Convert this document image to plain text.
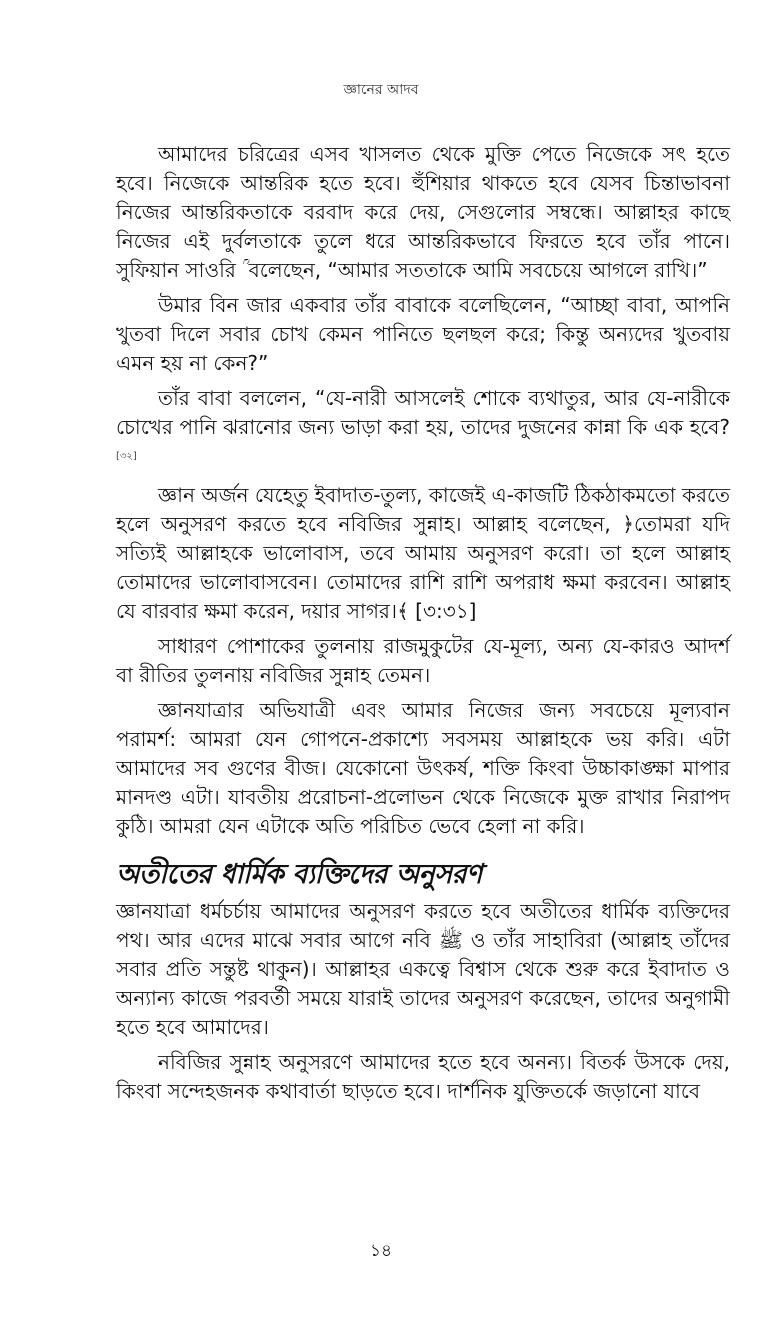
জ্ঞানের আদব

আমাদের চরিত্রের এসব খাসলত থেকে মুক্তি পেতে নিজেকে সৎ হতে হবে। নিজেকে আন্তরিক হতে হবে। হুঁশিয়ার থাকতে হবে যেসব চিন্তাভাবনা নিজের আন্তরিকতাকে বরবাদ করে দেয়, সেগুলোর সম্বন্ধে। আল্লাহর কাছে নিজের এই দুর্বলতাকে তুলে ধরে আন্তরিকভাবে ফিরতে হবে তাঁর পানে। সুফিয়ান সাওরি ؒ বলেছেন, “আমার সততাকে আমি সবচেয়ে আগলে রাখি।”

উমার বিন জার একবার তাঁর বাবাকে বলেছিলেন, “আচ্ছা বাবা, আপনি খুতবা দিলে সবার চোখ কেমন পানিতে ছলছল করে; কিন্তু অন্যদের খুতবায় এমন হয় না কেন?”

তাঁর বাবা বললেন, “যে-নারী আসলেই শোকে ব্যথাতুর, আর যে-নারীকে চোখের পানি ঝরানোর জন্য ভাড়া করা হয়, তাদের দুজনের কান্না কি এক হবে?[৩২]

জ্ঞান অর্জন যেহেতু ইবাদাত-তুল্য, কাজেই এ-কাজটি ঠিকঠাকমতো করতে হলে অনুসরণ করতে হবে নবিজির সুন্নাহ। আল্লাহ বলেছেন, ﴿তোমরা যদি সত্যিই আল্লাহকে ভালোবাস, তবে আমায় অনুসরণ করো। তা হলে আল্লাহ তোমাদের ভালোবাসবেন। তোমাদের রাশি রাশি অপরাধ ক্ষমা করবেন। আল্লাহ যে বারবার ক্ষমা করেন, দয়ার সাগর।﴾ [৩:৩১]

সাধারণ পোশাকের তুলনায় রাজমুকুটের যে-মূল্য, অন্য যে-কারও আদর্শ বা রীতির তুলনায় নবিজির সুন্নাহ তেমন।

জ্ঞানযাত্রার অভিযাত্রী এবং আমার নিজের জন্য সবচেয়ে মূল্যবান পরামর্শ: আমরা যেন গোপনে-প্রকাশ্যে সবসময় আল্লাহকে ভয় করি। এটা আমাদের সব গুণের বীজ। যেকোনো উৎকর্ষ, শক্তি কিংবা উচ্চাকাঙ্ক্ষা মাপার মানদণ্ড এটা। যাবতীয় প্ররোচনা-প্রলোভন থেকে নিজেকে মুক্ত রাখার নিরাপদ কুঠি। আমরা যেন এটাকে অতি পরিচিত ভেবে হেলা না করি।

অতীতের ধার্মিক ব্যক্তিদের অনুসরণ

জ্ঞানযাত্রা ধর্মচর্চায় আমাদের অনুসরণ করতে হবে অতীতের ধার্মিক ব্যক্তিদের পথ। আর এদের মাঝে সবার আগে নবি ﷺ ও তাঁর সাহাবিরা (আল্লাহ তাঁদের সবার প্রতি সন্তুষ্ট থাকুন)। আল্লাহর একত্বে বিশ্বাস থেকে শুরু করে ইবাদাত ও অন্যান্য কাজে পরবর্তী সময়ে যারাই তাদের অনুসরণ করেছেন, তাদের অনুগামী হতে হবে আমাদের।

নবিজির সুন্নাহ অনুসরণে আমাদের হতে হবে অনন্য। বিতর্ক উসকে দেয়, কিংবা সন্দেহজনক কথাবার্তা ছাড়তে হবে। দার্শনিক যুক্তিতর্কে জড়ানো যাবে

১৪
